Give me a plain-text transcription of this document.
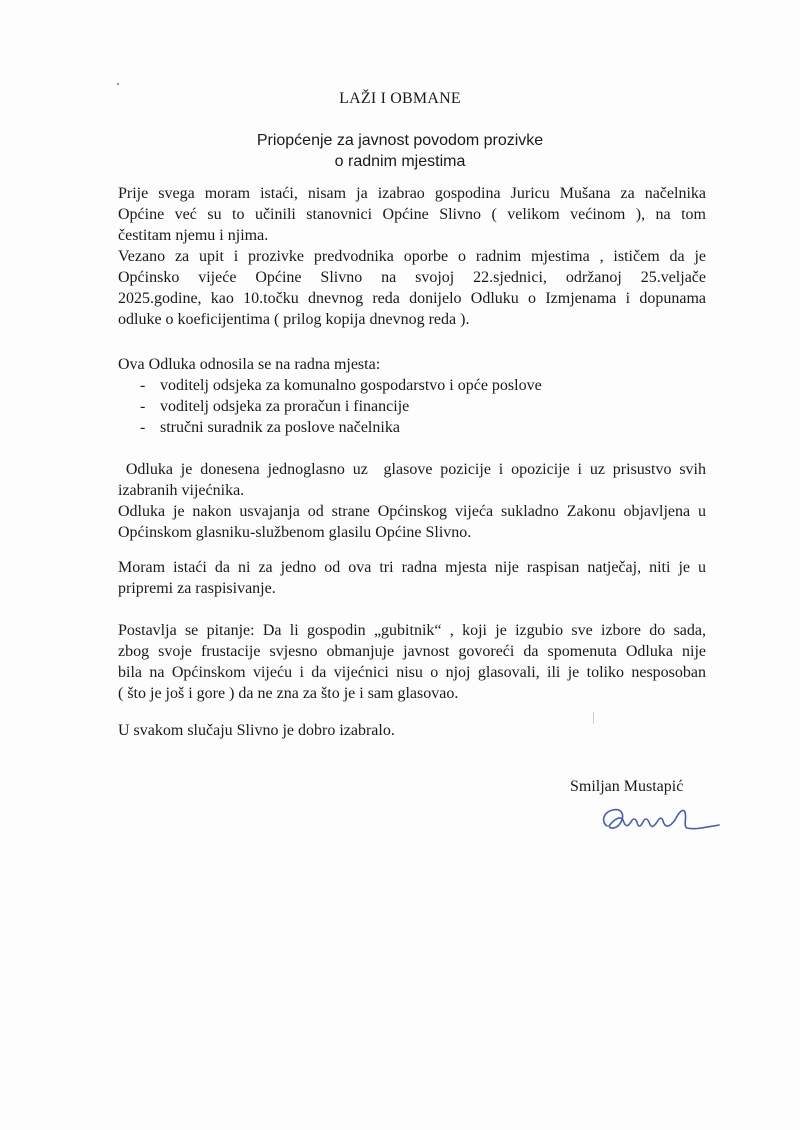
LAŽI I OBMANE
Priopćenje za javnost povodom prozivke
o radnim mjestima
Prije svega moram istaći, nisam ja izabrao gospodina Juricu Mušana za načelnika
Općine već su to učinili stanovnici Općine Slivno ( velikom većinom ), na tom
čestitam njemu i njima.
Vezano za upit i prozivke predvodnika oporbe o radnim mjestima , ističem da je
Općinsko vijeće Općine Slivno na svojoj 22.sjednici, održanoj 25.veljače
2025.godine, kao 10.točku dnevnog reda donijelo Odluku o Izmjenama i dopunama
odluke o koeficijentima ( prilog kopija dnevnog reda ).
Ova Odluka odnosila se na radna mjesta:
- voditelj odsjeka za komunalno gospodarstvo i opće poslove
- voditelj odsjeka za proračun i financije
- stručni suradnik za poslove načelnika
Odluka je donesena jednoglasno uz  glasove pozicije i opozicije i uz prisustvo svih
izabranih vijećnika.
Odluka je nakon usvajanja od strane Općinskog vijeća sukladno Zakonu objavljena u
Općinskom glasniku-službenom glasilu Općine Slivno.
Moram istaći da ni za jedno od ova tri radna mjesta nije raspisan natječaj, niti je u
pripremi za raspisivanje.
Postavlja se pitanje: Da li gospodin „gubitnik“ , koji je izgubio sve izbore do sada,
zbog svoje frustacije svjesno obmanjuje javnost govoreći da spomenuta Odluka nije
bila na Općinskom vijeću i da vijećnici nisu o njoj glasovali, ili je toliko nesposoban
( što je još i gore ) da ne zna za što je i sam glasovao.
U svakom slučaju Slivno je dobro izabralo.
Smiljan Mustapić
